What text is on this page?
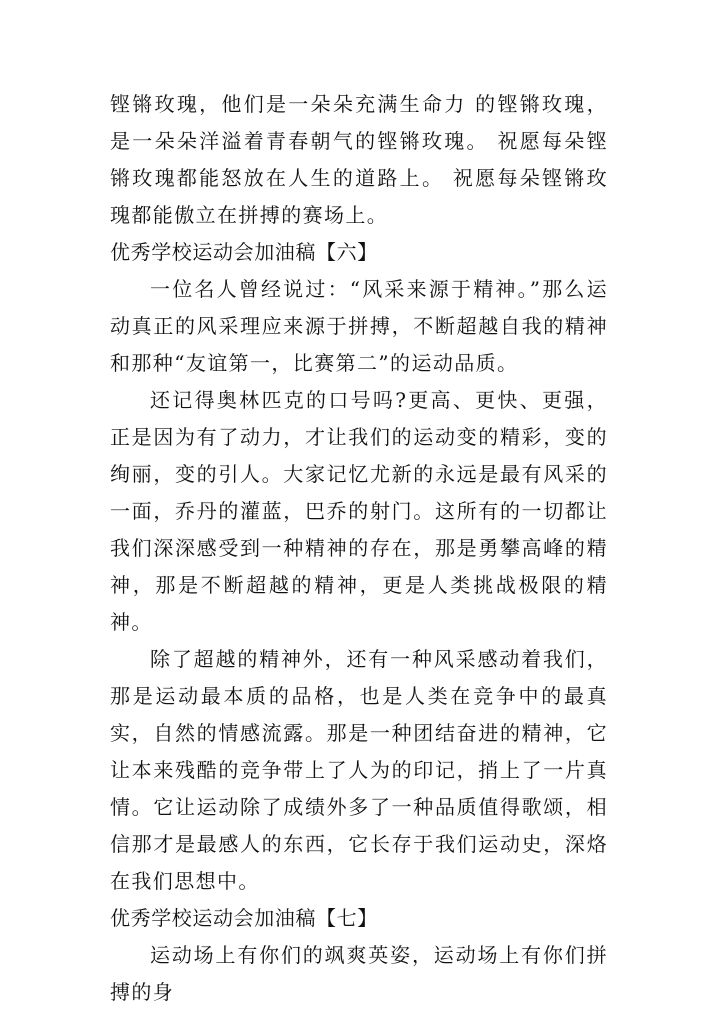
铿锵玫瑰，他们是一朵朵充满生命力 的铿锵玫瑰，是一朵朵洋溢着青春朝气的铿锵玫瑰。 祝愿每朵铿锵玫瑰都能怒放在人生的道路上。 祝愿每朵铿锵玫瑰都能傲立在拼搏的赛场上。

优秀学校运动会加油稿【六】

一位名人曾经说过：“风采来源于精神。”那么运动真正的风采理应来源于拼搏，不断超越自我的精神和那种“友谊第一，比赛第二”的运动品质。

还记得奥林匹克的口号吗?更高、更快、更强，正是因为有了动力，才让我们的运动变的精彩，变的绚丽，变的引人。大家记忆尤新的永远是最有风采的一面，乔丹的灌蓝，巴乔的射门。这所有的一切都让我们深深感受到一种精神的存在，那是勇攀高峰的精神，那是不断超越的精神，更是人类挑战极限的精神。

除了超越的精神外，还有一种风采感动着我们，那是运动最本质的品格，也是人类在竞争中的最真实，自然的情感流露。那是一种团结奋进的精神，它让本来残酷的竞争带上了人为的印记，捎上了一片真情。它让运动除了成绩外多了一种品质值得歌颂，相信那才是最感人的东西，它长存于我们运动史，深烙在我们思想中。

优秀学校运动会加油稿【七】

运动场上有你们的飒爽英姿，运动场上有你们拼搏的身
